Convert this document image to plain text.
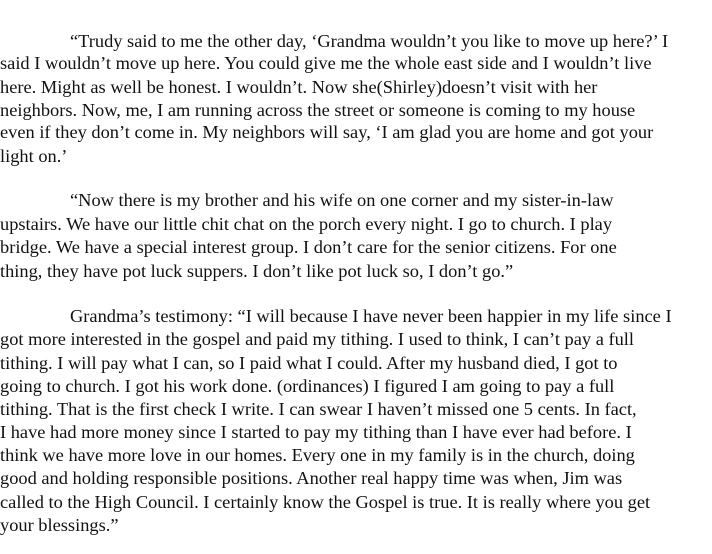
“Trudy said to me the other day, ‘Grandma wouldn’t you like to move up here?’ I
said I wouldn’t move up here. You could give me the whole east side and I wouldn’t live
here. Might as well be honest. I wouldn’t. Now she(Shirley)doesn’t visit with her
neighbors. Now, me, I am running across the street or someone is coming to my house
even if they don’t come in. My neighbors will say, ‘I am glad you are home and got your
light on.’
“Now there is my brother and his wife on one corner and my sister-in-law
upstairs. We have our little chit chat on the porch every night. I go to church. I play
bridge. We have a special interest group. I don’t care for the senior citizens. For one
thing, they have pot luck suppers. I don’t like pot luck so, I don’t go.”
Grandma’s testimony: “I will because I have never been happier in my life since I
got more interested in the gospel and paid my tithing. I used to think, I can’t pay a full
tithing. I will pay what I can, so I paid what I could. After my husband died, I got to
going to church. I got his work done. (ordinances) I figured I am going to pay a full
tithing. That is the first check I write. I can swear I haven’t missed one 5 cents. In fact,
I have had more money since I started to pay my tithing than I have ever had before. I
think we have more love in our homes. Every one in my family is in the church, doing
good and holding responsible positions. Another real happy time was when, Jim was
called to the High Council. I certainly know the Gospel is true. It is really where you get
your blessings.”
